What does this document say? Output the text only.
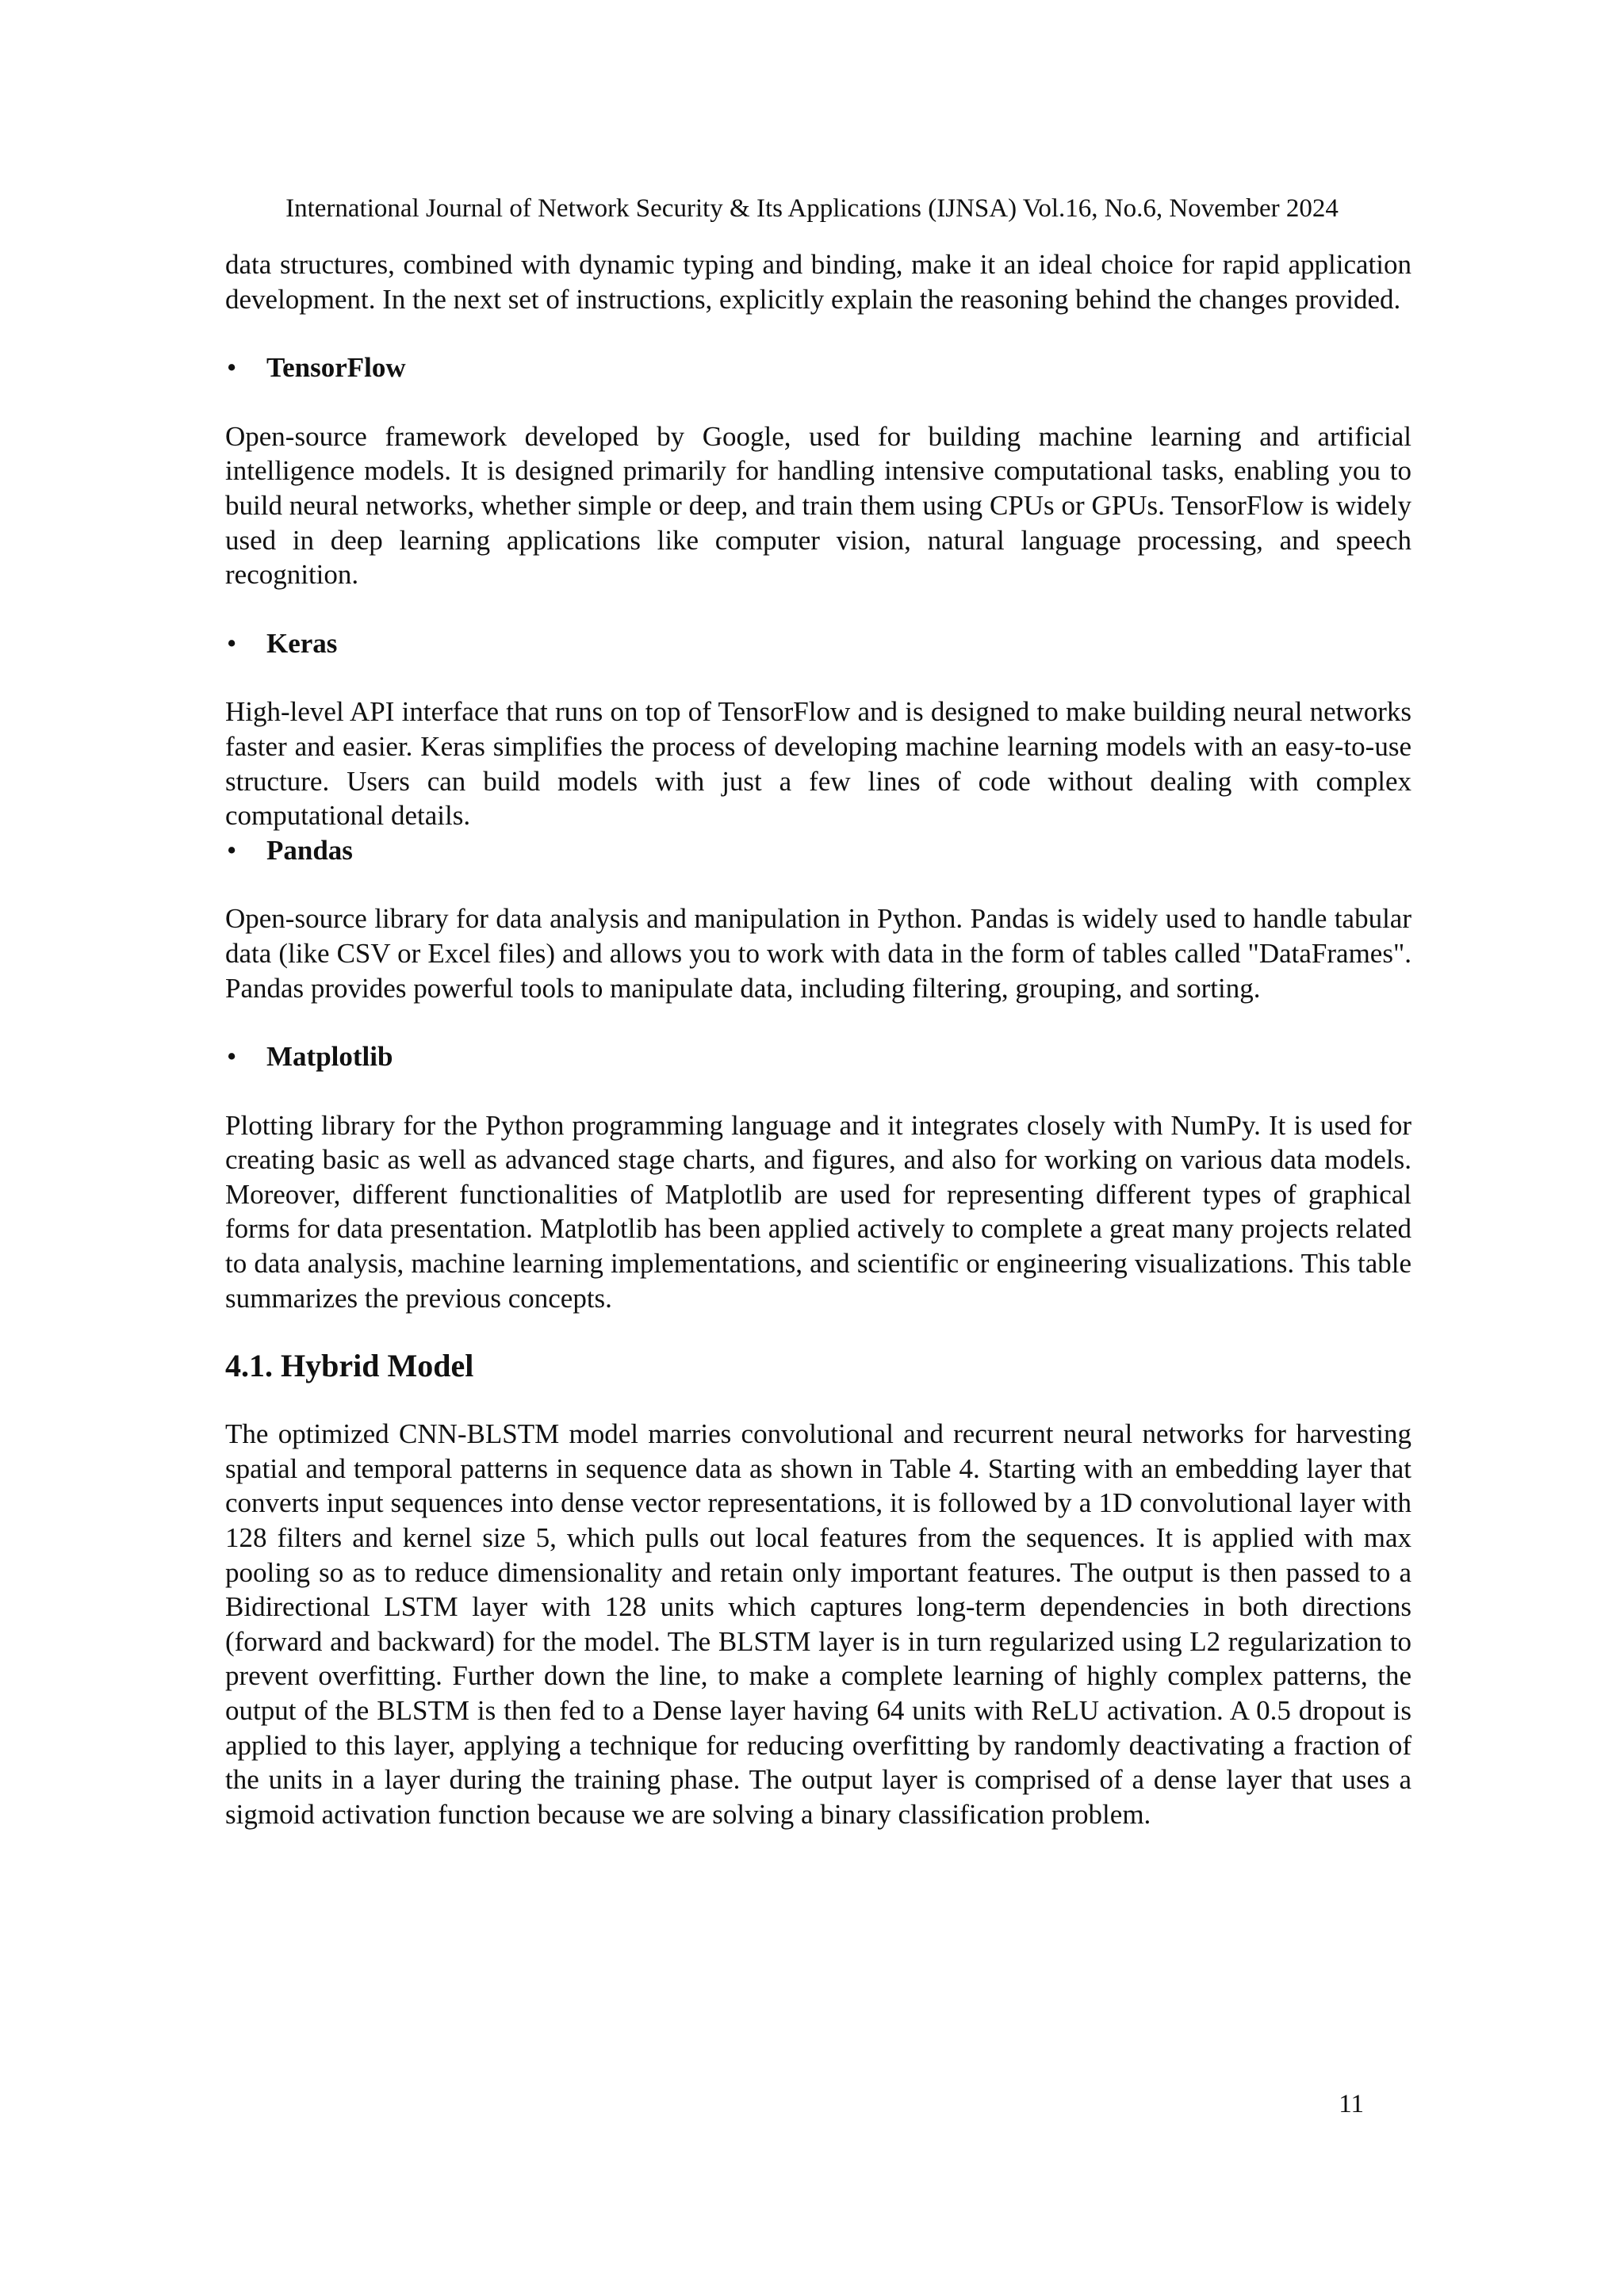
International Journal of Network Security & Its Applications (IJNSA) Vol.16, No.6, November 2024

data structures, combined with dynamic typing and binding, make it an ideal choice for rapid application development. In the next set of instructions, explicitly explain the reasoning behind the changes provided.

•	TensorFlow

Open-source framework developed by Google, used for building machine learning and artificial intelligence models. It is designed primarily for handling intensive computational tasks, enabling you to build neural networks, whether simple or deep, and train them using CPUs or GPUs. TensorFlow is widely used in deep learning applications like computer vision, natural language processing, and speech recognition.

•	Keras

High-level API interface that runs on top of TensorFlow and is designed to make building neural networks faster and easier. Keras simplifies the process of developing machine learning models with an easy-to-use structure. Users can build models with just a few lines of code without dealing with complex computational details.

•	Pandas

Open-source library for data analysis and manipulation in Python. Pandas is widely used to handle tabular data (like CSV or Excel files) and allows you to work with data in the form of tables called "DataFrames". Pandas provides powerful tools to manipulate data, including filtering, grouping, and sorting.

•	Matplotlib

Plotting library for the Python programming language and it integrates closely with NumPy. It is used for creating basic as well as advanced stage charts, and figures, and also for working on various data models. Moreover, different functionalities of Matplotlib are used for representing different types of graphical forms for data presentation. Matplotlib has been applied actively to complete a great many projects related to data analysis, machine learning implementations, and scientific or engineering visualizations. This table summarizes the previous concepts.

4.1. Hybrid Model

The optimized CNN-BLSTM model marries convolutional and recurrent neural networks for harvesting spatial and temporal patterns in sequence data as shown in Table 4. Starting with an embedding layer that converts input sequences into dense vector representations, it is followed by a 1D convolutional layer with 128 filters and kernel size 5, which pulls out local features from the sequences. It is applied with max pooling so as to reduce dimensionality and retain only important features. The output is then passed to a Bidirectional LSTM layer with 128 units which captures long-term dependencies in both directions (forward and backward) for the model. The BLSTM layer is in turn regularized using L2 regularization to prevent overfitting. Further down the line, to make a complete learning of highly complex patterns, the output of the BLSTM is then fed to a Dense layer having 64 units with ReLU activation. A 0.5 dropout is applied to this layer, applying a technique for reducing overfitting by randomly deactivating a fraction of the units in a layer during the training phase. The output layer is comprised of a dense layer that uses a sigmoid activation function because we are solving a binary classification problem.

11
